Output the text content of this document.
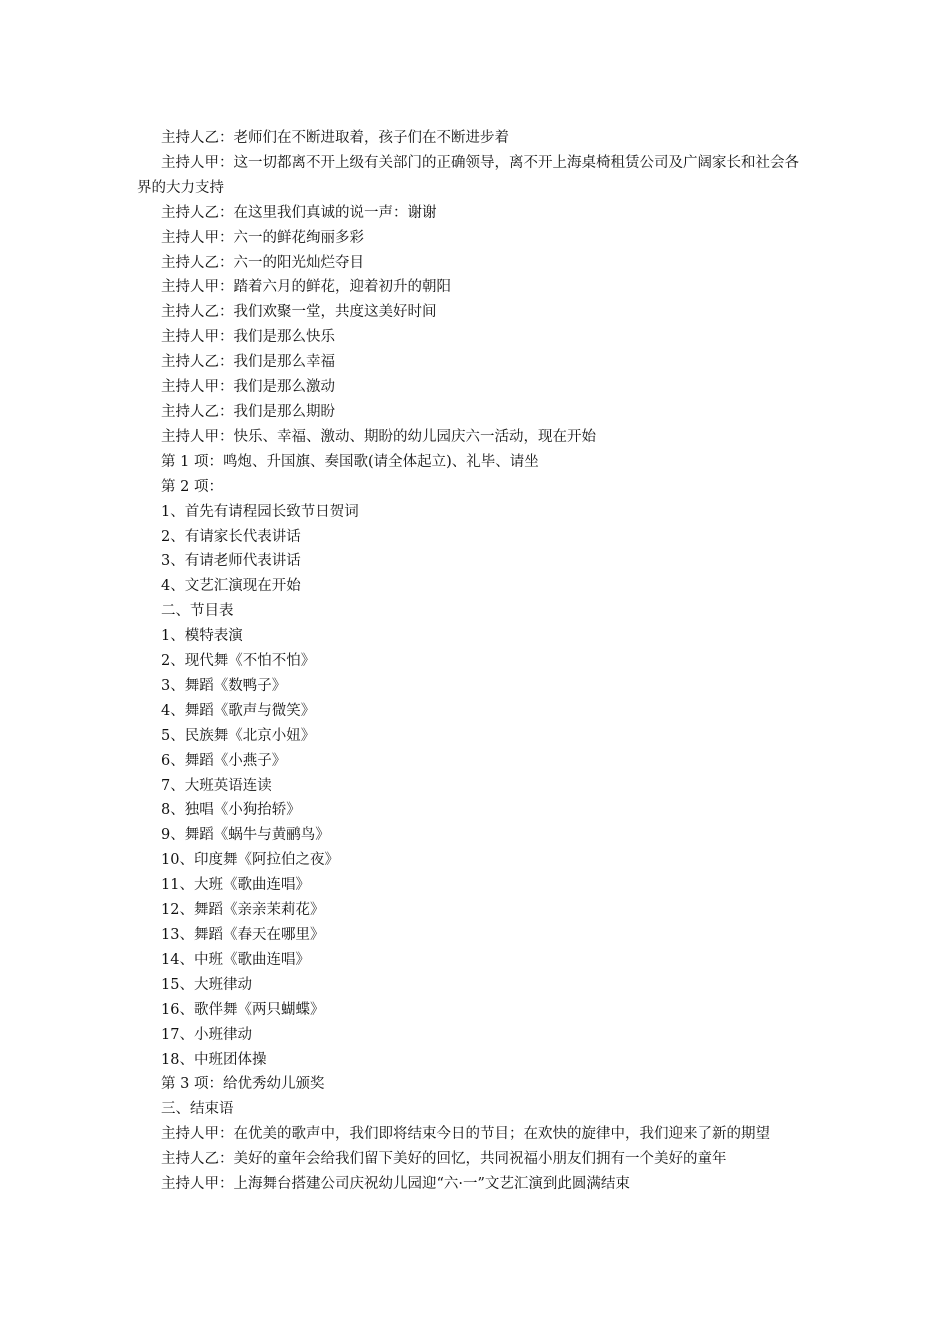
主持人乙：老师们在不断进取着，孩子们在不断进步着

主持人甲：这一切都离不开上级有关部门的正确领导，离不开上海桌椅租赁公司及广阔家长和社会各界的大力支持

主持人乙：在这里我们真诚的说一声：谢谢

主持人甲：六一的鲜花绚丽多彩

主持人乙：六一的阳光灿烂夺目

主持人甲：踏着六月的鲜花，迎着初升的朝阳

主持人乙：我们欢聚一堂，共度这美好时间

主持人甲：我们是那么快乐

主持人乙：我们是那么幸福

主持人甲：我们是那么激动

主持人乙：我们是那么期盼

主持人甲：快乐、幸福、激动、期盼的幼儿园庆六一活动，现在开始

第 1 项：鸣炮、升国旗、奏国歌(请全体起立)、礼毕、请坐

第 2 项：

1、首先有请程园长致节日贺词

2、有请家长代表讲话

3、有请老师代表讲话

4、文艺汇演现在开始

二、节目表

1、模特表演

2、现代舞《不怕不怕》

3、舞蹈《数鸭子》

4、舞蹈《歌声与微笑》

5、民族舞《北京小妞》

6、舞蹈《小燕子》

7、大班英语连读

8、独唱《小狗抬轿》

9、舞蹈《蜗牛与黄鹂鸟》

10、印度舞《阿拉伯之夜》

11、大班《歌曲连唱》

12、舞蹈《亲亲茉莉花》

13、舞蹈《春天在哪里》

14、中班《歌曲连唱》

15、大班律动

16、歌伴舞《两只蝴蝶》

17、小班律动

18、中班团体操

第 3 项：给优秀幼儿颁奖

三、结束语

主持人甲：在优美的歌声中，我们即将结束今日的节目；在欢快的旋律中，我们迎来了新的期望

主持人乙：美好的童年会给我们留下美好的回忆，共同祝福小朋友们拥有一个美好的童年

主持人甲：上海舞台搭建公司庆祝幼儿园迎“六·一”文艺汇演到此圆满结束
